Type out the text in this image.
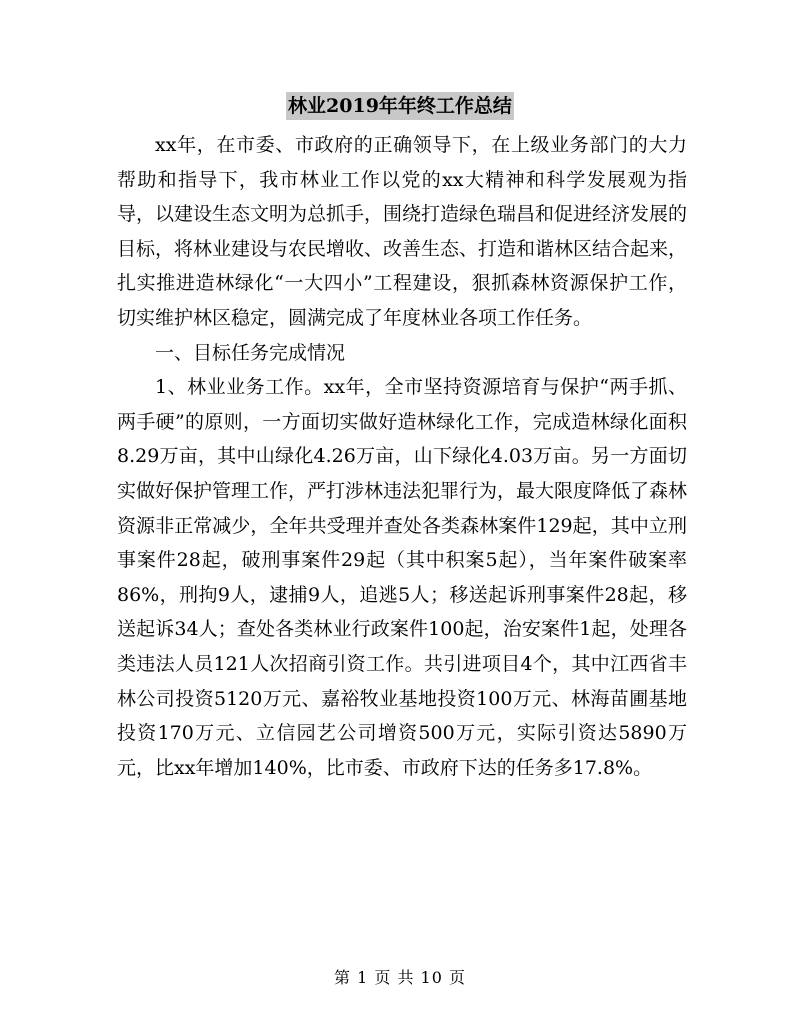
林业2019年年终工作总结

xx年，在市委、市政府的正确领导下，在上级业务部门的大力帮助和指导下，我市林业工作以党的xx大精神和科学发展观为指导，以建设生态文明为总抓手，围绕打造绿色瑞昌和促进经济发展的目标，将林业建设与农民增收、改善生态、打造和谐林区结合起来，扎实推进造林绿化“一大四小”工程建设，狠抓森林资源保护工作，切实维护林区稳定，圆满完成了年度林业各项工作任务。

一、目标任务完成情况

1、林业业务工作。xx年，全市坚持资源培育与保护“两手抓、两手硬”的原则，一方面切实做好造林绿化工作，完成造林绿化面积8.29万亩，其中山绿化4.26万亩，山下绿化4.03万亩。另一方面切实做好保护管理工作，严打涉林违法犯罪行为，最大限度降低了森林资源非正常减少，全年共受理并查处各类森林案件129起，其中立刑事案件28起，破刑事案件29起（其中积案5起），当年案件破案率86%，刑拘9人，逮捕9人，追逃5人；移送起诉刑事案件28起，移送起诉34人；查处各类林业行政案件100起，治安案件1起，处理各类违法人员121人次招商引资工作。共引进项目4个，其中江西省丰林公司投资5120万元、嘉裕牧业基地投资100万元、林海苗圃基地投资170万元、立信园艺公司增资500万元，实际引资达5890万元，比xx年增加140%，比市委、市政府下达的任务多17.8%。

第 1 页 共 10 页
